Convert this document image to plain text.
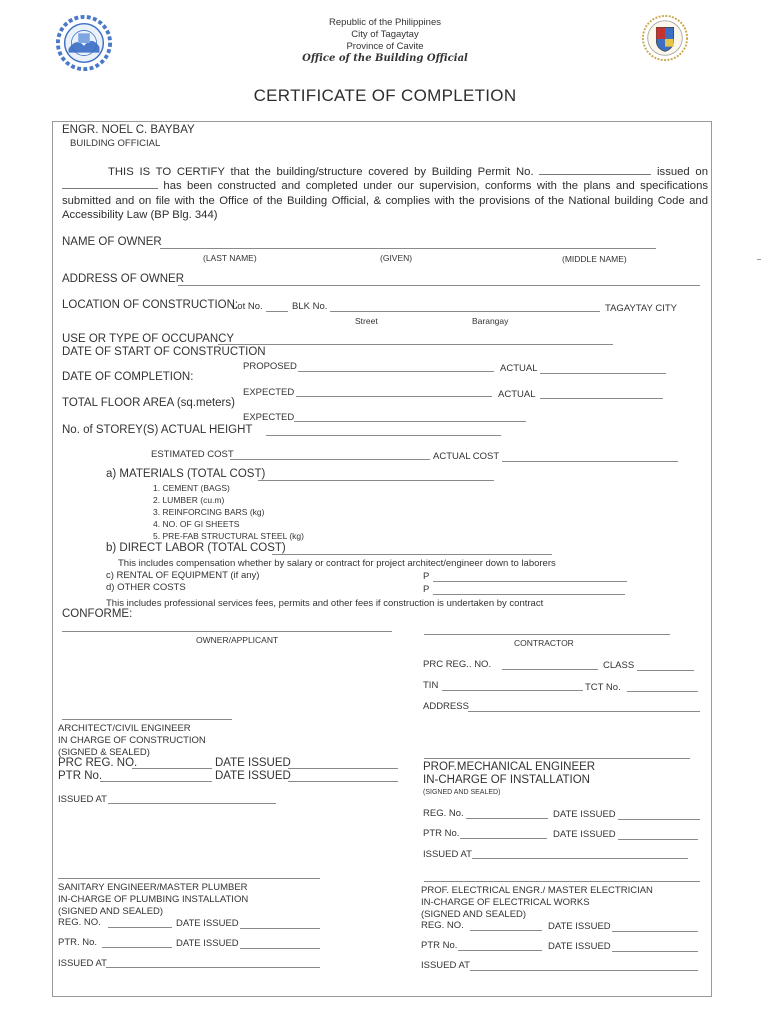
Republic of the Philippines
City of Tagaytay
Province of Cavite
Office of the Building Official
CERTIFICATE OF COMPLETION
ENGR. NOEL C. BAYBAY
BUILDING OFFICIAL
THIS IS TO CERTIFY that the building/structure covered by Building Permit No.	issued on  has been constructed and completed under our supervision, conforms with the plans and specifications submitted and on file with the Office of the Building Official, & complies with the provisions of the National building Code and Accessibility Law (BP Blg. 344)
NAME OF OWNER
(LAST NAME)	(GIVEN)	(MIDDLE NAME)
ADDRESS OF OWNER
LOCATION OF CONSTRUCTION:
Lot No.	BLK No.	TAGAYTAY CITY
Street	Barangay
USE OR TYPE OF OCCUPANCY
DATE OF START OF CONSTRUCTION
PROPOSED	ACTUAL
DATE OF COMPLETION:
EXPECTED	ACTUAL
TOTAL FLOOR AREA (sq.meters)
EXPECTED
No. of STOREY(S) ACTUAL HEIGHT
ESTIMATED COST	ACTUAL COST
a) MATERIALS (TOTAL COST)
1. CEMENT (BAGS)
2. LUMBER (cu.m)
3. REINFORCING BARS (kg)
4. NO. OF GI SHEETS
5. PRE-FAB STRUCTURAL STEEL (kg)
b) DIRECT LABOR (TOTAL COST)
This includes compensation whether by salary or contract for project architect/engineer down to laborers
c) RENTAL OF EQUIPMENT (if any)	P
d) OTHER COSTS	P
This includes professional services fees, permits and other fees if construction is undertaken by contract
CONFORME:
OWNER/APPLICANT	CONTRACTOR
PRC REG.. NO.	CLASS
TIN	TCT No.
ADDRESS
ARCHITECT/CIVIL ENGINEER
IN CHARGE OF CONSTRUCTION
(SIGNED & SEALED)
PRC REG. NO.	DATE ISSUED
PTR No.	DATE ISSUED
ISSUED AT
PROF.MECHANICAL ENGINEER
IN-CHARGE OF INSTALLATION
(SIGNED AND SEALED)
REG. No.	DATE ISSUED
PTR No.	DATE ISSUED
ISSUED AT
SANITARY ENGINEER/MASTER PLUMBER
IN-CHARGE OF PLUMBING INSTALLATION
(SIGNED AND SEALED)
REG. NO.	DATE ISSUED
PTR. No.	DATE ISSUED
ISSUED AT
PROF. ELECTRICAL ENGR./ MASTER ELECTRICIAN
IN-CHARGE OF ELECTRICAL WORKS
(SIGNED AND SEALED)
REG. NO.	DATE ISSUED
PTR No.	DATE ISSUED
ISSUED AT
